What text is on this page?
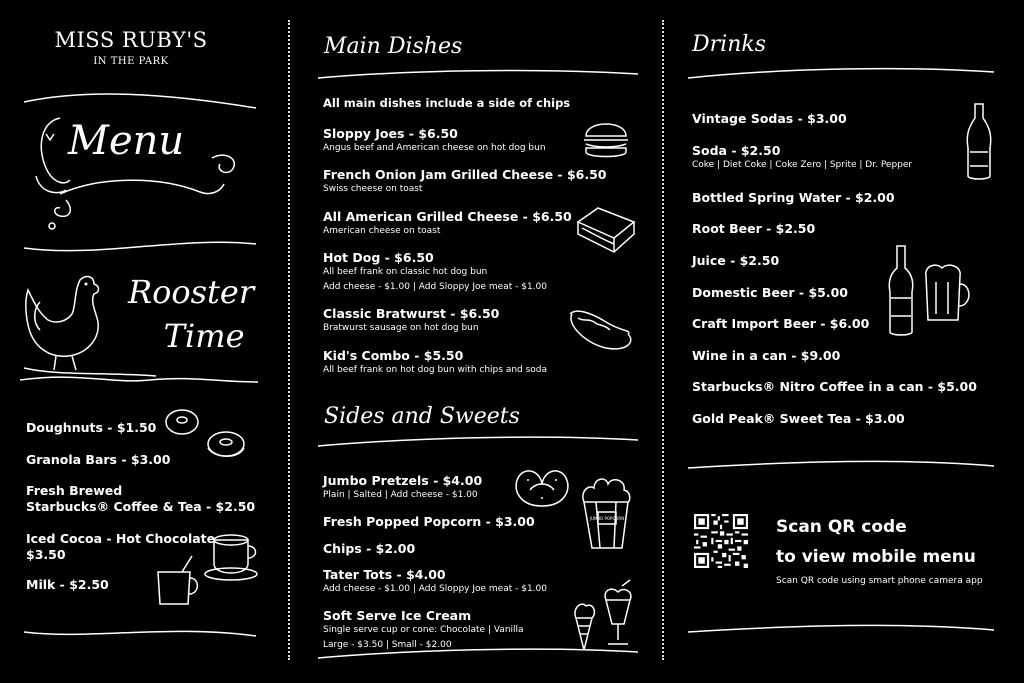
MISS RUBY'S
IN THE PARK
Menu
Rooster
Time
Doughnuts - $1.50
Granola Bars - $3.00
Fresh Brewed
Starbucks® Coffee & Tea - $2.50
Iced Cocoa - Hot Chocolate
$3.50
Milk - $2.50
Main Dishes
All main dishes include a side of chips
Sloppy Joes - $6.50
Angus beef and American cheese on hot dog bun
French Onion Jam Grilled Cheese - $6.50
Swiss cheese on toast
All American Grilled Cheese - $6.50
American cheese on toast
Hot Dog - $6.50
All beef frank on classic hot dog bun
Add cheese - $1.00 | Add Sloppy Joe meat - $1.00
Classic Bratwurst - $6.50
Bratwurst sausage on hot dog bun
Kid's Combo - $5.50
All beef frank on hot dog bun with chips and soda
Sides and Sweets
Jumbo Pretzels - $4.00
Plain | Salted | Add cheese - $1.00
Fresh Popped Popcorn - $3.00
Chips - $2.00
Tater Tots - $4.00
Add cheese - $1.00 | Add Sloppy Joe meat - $1.00
Soft Serve Ice Cream
Single serve cup or cone: Chocolate | Vanilla
Large - $3.50 | Small - $2.00
JUMBO POPCORN
Drinks
Vintage Sodas - $3.00
Soda - $2.50
Coke | Diet Coke | Coke Zero | Sprite | Dr. Pepper
Bottled Spring Water - $2.00
Root Beer - $2.50
Juice - $2.50
Domestic Beer - $5.00
Craft Import Beer - $6.00
Wine in a can - $9.00
Starbucks® Nitro Coffee in a can - $5.00
Gold Peak® Sweet Tea - $3.00
Scan QR code
to view mobile menu
Scan QR code using smart phone camera app
